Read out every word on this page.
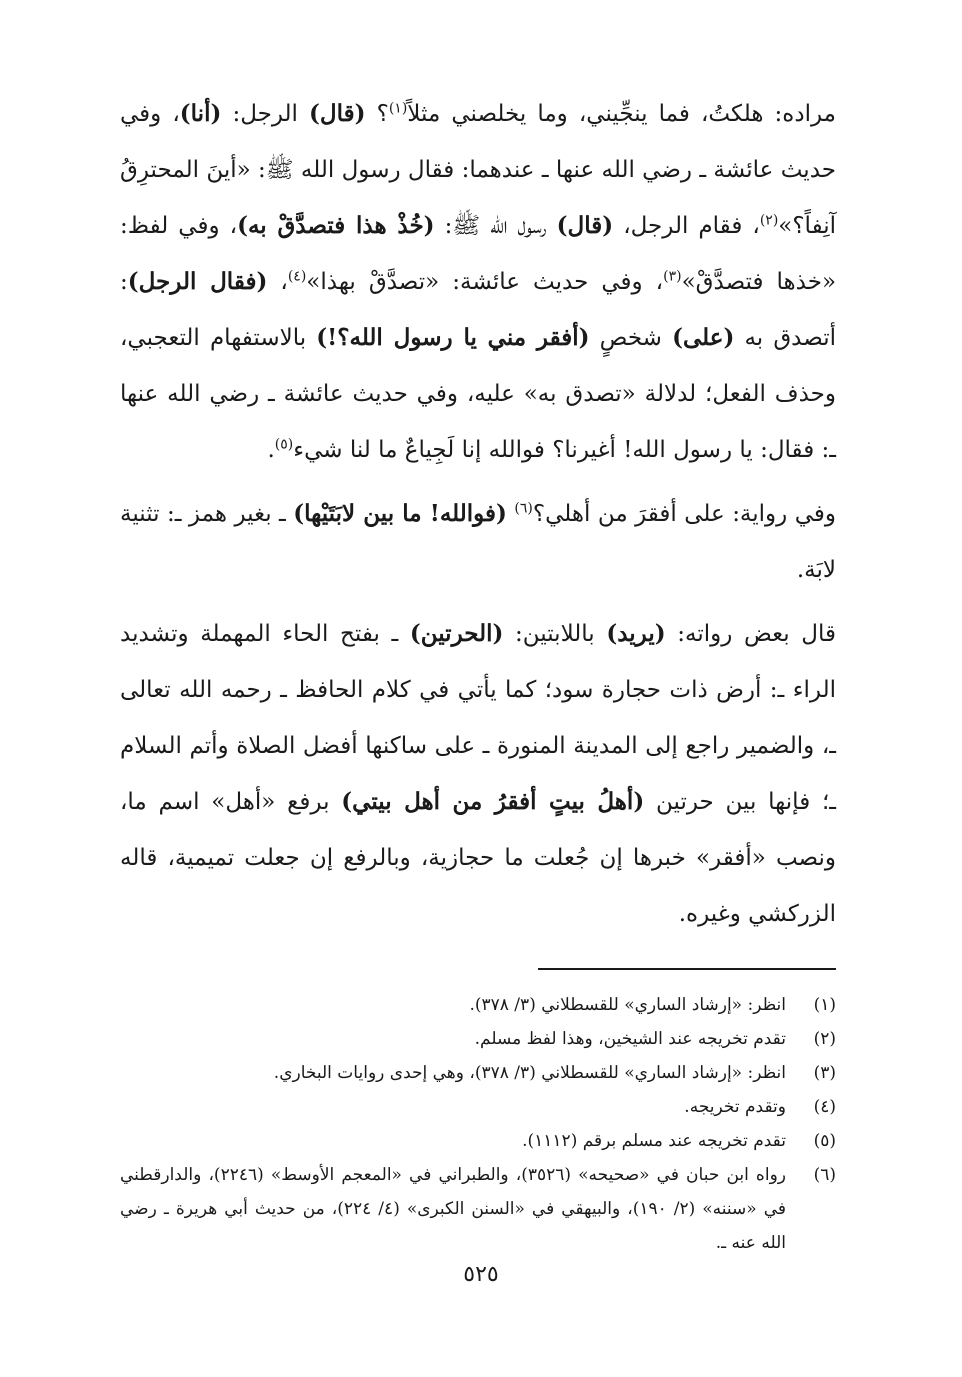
مراده: هلكتُ، فما ينجِّيني، وما يخلصني مثلاً$^{(١)}$؟ (قال) الرجل: (أنا)، وفي حديث عائشة ـ رضي الله عنها ـ عندهما: فقال رسول الله ﷺ: «أينَ المحترِقُ آنِفاً؟»$^{(٢)}$، فقام الرجل، (قال) رسول الله ﷺ: (خُذْ هذا فتصدَّقْ به)، وفي لفظ: «خذها فتصدَّقْ»$^{(٣)}$، وفي حديث عائشة: «تصدَّقْ بهذا»$^{(٤)}$، (فقال الرجل): أتصدق به (على) شخصٍ (أفقر مني يا رسول الله؟!) بالاستفهام التعجبي، وحذف الفعل؛ لدلالة «تصدق به» عليه، وفي حديث عائشة ـ رضي الله عنها ـ: فقال: يا رسول الله! أغيرنا؟ فوالله إنا لَجِياعٌ ما لنا شيء$^{(٥)}$.

وفي رواية: على أفقرَ من أهلي؟$^{(٦)}$ (فوالله! ما بين لابَتَيْها) ـ بغير همز ـ: تثنية لابَة.

قال بعض رواته: (يريد) باللابتين: (الحرتين) ـ بفتح الحاء المهملة وتشديد الراء ـ: أرض ذات حجارة سود؛ كما يأتي في كلام الحافظ ـ رحمه الله تعالى ـ، والضمير راجع إلى المدينة المنورة ـ على ساكنها أفضل الصلاة وأتم السلام ـ؛ فإنها بين حرتين (أهلُ بيتٍ أفقرُ من أهل بيتي) برفع «أهل» اسم ما، ونصب «أفقر» خبرها إن جُعلت ما حجازية، وبالرفع إن جعلت تميمية، قاله الزركشي وغيره.

(١)
انظر: «إرشاد الساري» للقسطلاني (٣/ ٣٧٨).
(٢)
تقدم تخريجه عند الشيخين، وهذا لفظ مسلم.
(٣)
انظر: «إرشاد الساري» للقسطلاني (٣/ ٣٧٨)، وهي إحدى روايات البخاري.
(٤)
وتقدم تخريجه.
(٥)
تقدم تخريجه عند مسلم برقم (١١١٢).
(٦)
رواه ابن حبان في «صحيحه» (٣٥٢٦)، والطبراني في «المعجم الأوسط» (٢٢٤٦)، والدارقطني في «سننه» (٢/ ١٩٠)، والبيهقي في «السنن الكبرى» (٤/ ٢٢٤)، من حديث أبي هريرة ـ رضي الله عنه ـ.
٥٢٥
